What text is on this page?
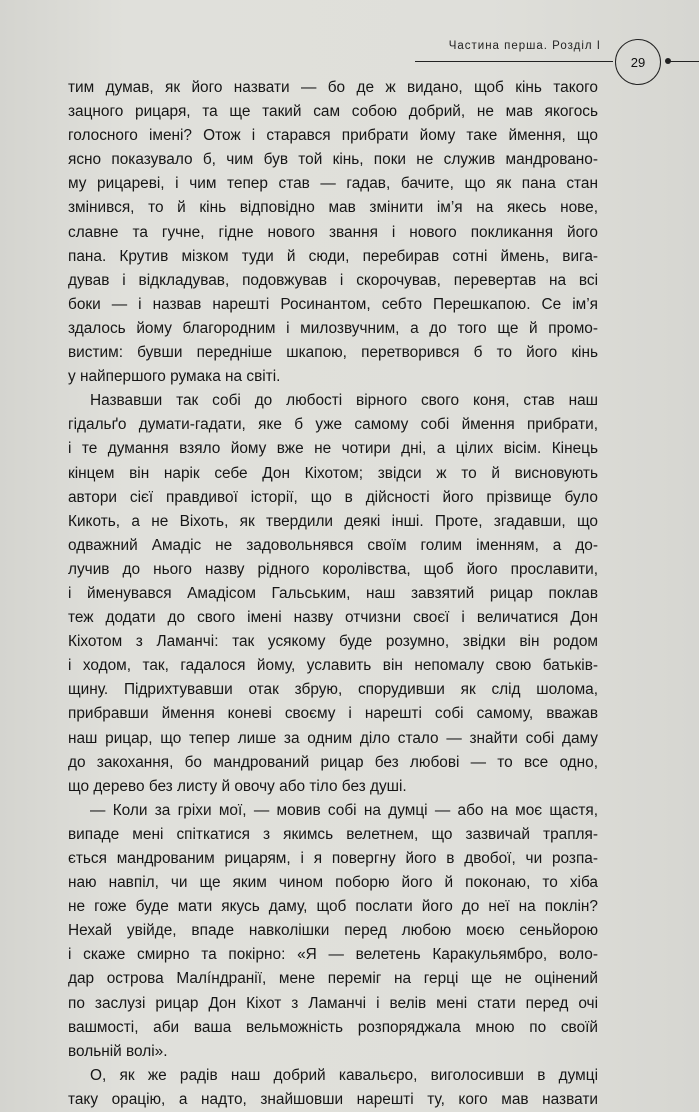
Частина перша. Розділ І
29
тим думав, як його назвати — бо де ж видано, щоб кінь такого
зацного рицаря, та ще такий сам собою добрий, не мав якогось
голосного імені? Отож і старався прибрати йому таке ймення, що
ясно показувало б, чим був той кінь, поки не служив мандровано-
му рицареві, і чим тепер став — гадав, бачите, що як пана стан
змінився, то й кінь відповідно мав змінити ім’я на якесь нове,
славне та гучне, гідне нового звання і нового покликання його
пана. Крутив мізком туди й сюди, перебирав сотні ймень, вига-
дував і відкладував, подовжував і скорочував, перевертав на всі
боки — і назвав нарешті Росинантом, себто Перешкапою. Се ім’я
здалось йому благородним і милозвучним, а до того ще й промо-
вистим: бувши передніше шкапою, перетворився б то його кінь
у найпершого румака на світі.
Назвавши так собі до любості вірного свого коня, став наш
гідальґо думати-гадати, яке б уже самому собі ймення прибрати,
і те думання взяло йому вже не чотири дні, а цілих вісім. Кінець
кінцем він нарік себе Дон Кіхотом; звідси ж то й висновують
автори сієї правдивої історії, що в дійсності його прізвище було
Кикоть, а не Віхоть, як твердили деякі інші. Проте, згадавши, що
одважний Амадіс не задовольнявся своїм голим іменням, а до-
лучив до нього назву рідного королівства, щоб його прославити,
і йменувався Амадісом Гальським, наш завзятий рицар поклав
теж додати до свого імені назву отчизни своєї і величатися Дон
Кіхотом з Ламанчі: так усякому буде розумно, звідки він родом
і ходом, так, гадалося йому, уславить він непомалу свою батьків-
щину. Підрихтувавши отак збрую, спорудивши як слід шолома,
прибравши ймення коневі своєму і нарешті собі самому, вважав
наш рицар, що тепер лише за одним діло стало — знайти собі даму
до закохання, бо мандрований рицар без любові — то все одно,
що дерево без листу й овочу або тіло без душі.
— Коли за гріхи мої, — мовив собі на думці — або на моє щастя,
випаде мені спіткатися з якимсь велетнем, що зазвичай трапля-
ється мандрованим рицарям, і я повергну його в двобої, чи розпа-
наю навпіл, чи ще яким чином поборю його й поконаю, то хіба
не гоже буде мати якусь даму, щоб послати його до неї на поклін?
Нехай увійде, впаде навколішки перед любою моєю сеньйорою
і скаже смирно та покірно: «Я — велетень Каракульямбро, воло-
дар острова Малíндранії, мене переміг на герці ще не оцінений
по заслузі рицар Дон Кіхот з Ламанчі і велів мені стати перед очі
вашмості, аби ваша вельможність розпоряджала мною по своїй
вольній волі».
О, як же радів наш добрий кавальєро, виголосивши в думці
таку орацію, а надто, знайшовши нарешті ту, кого мав назвати
